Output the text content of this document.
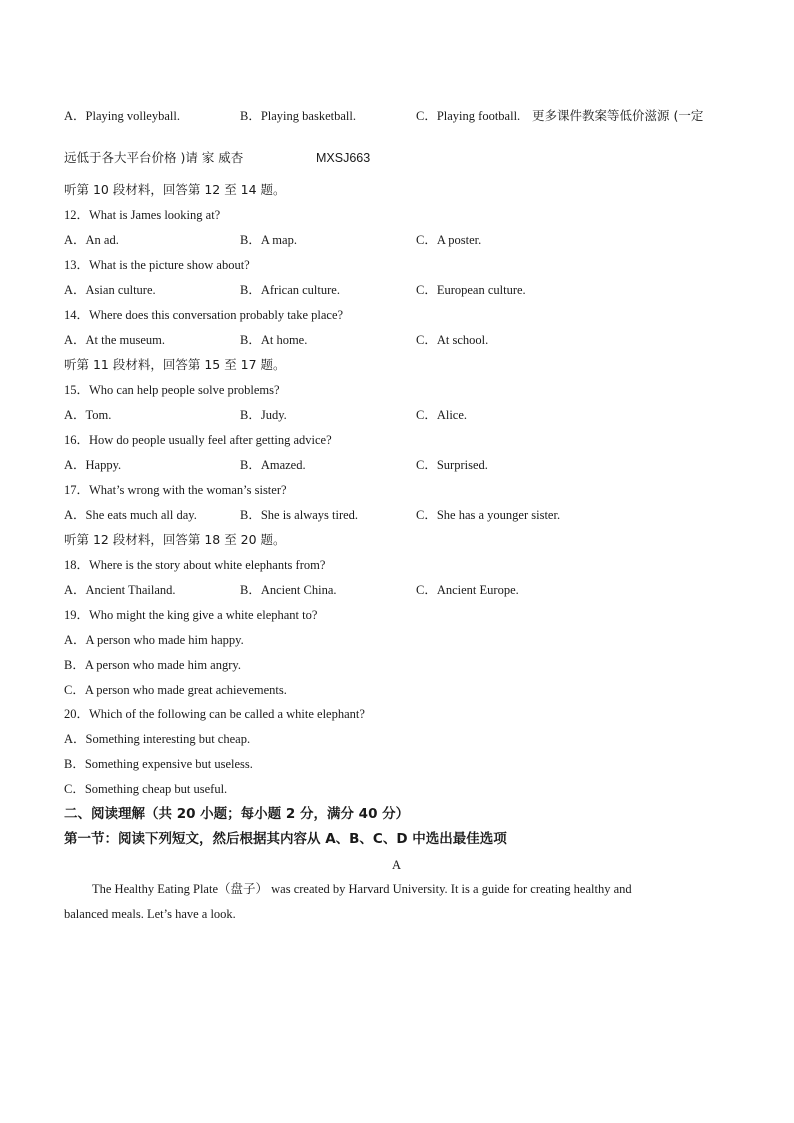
A．Playing volleyball.	B．Playing basketball.	C．Playing football. 更多课件教案等低价滋源 (一定
远低于各大平台价格 )请 家 威杏	MXSJ663
听第 10 段材料，回答第 12 至 14 题。
12．What is James looking at?
A．An ad.	B．A map.	C．A poster.
13．What is the picture show about?
A．Asian culture.	B．African culture.	C．European culture.
14．Where does this conversation probably take place?
A．At the museum.	B．At home.	C．At school.
听第 11 段材料，回答第 15 至 17 题。
15．Who can help people solve problems?
A．Tom.	B．Judy.	C．Alice.
16．How do people usually feel after getting advice?
A．Happy.	B．Amazed.	C．Surprised.
17．What’s wrong with the woman’s sister?
A．She eats much all day.	B．She is always tired.	C．She has a younger sister.
听第 12 段材料，回答第 18 至 20 题。
18．Where is the story about white elephants from?
A．Ancient Thailand.	B．Ancient China.	C．Ancient Europe.
19．Who might the king give a white elephant to?
A．A person who made him happy.
B．A person who made him angry.
C．A person who made great achievements.
20．Which of the following can be called a white elephant?
A．Something interesting but cheap.
B．Something expensive but useless.
C．Something cheap but useful.
二、阅读理解（共 20 小题；每小题 2 分，满分 40 分）
第一节：阅读下列短文，然后根据其内容从 A、B、C、D 中选出最佳选项
A
The Healthy Eating Plate（盘子） was created by Harvard University. It is a guide for creating healthy and
balanced meals. Let’s have a look.
